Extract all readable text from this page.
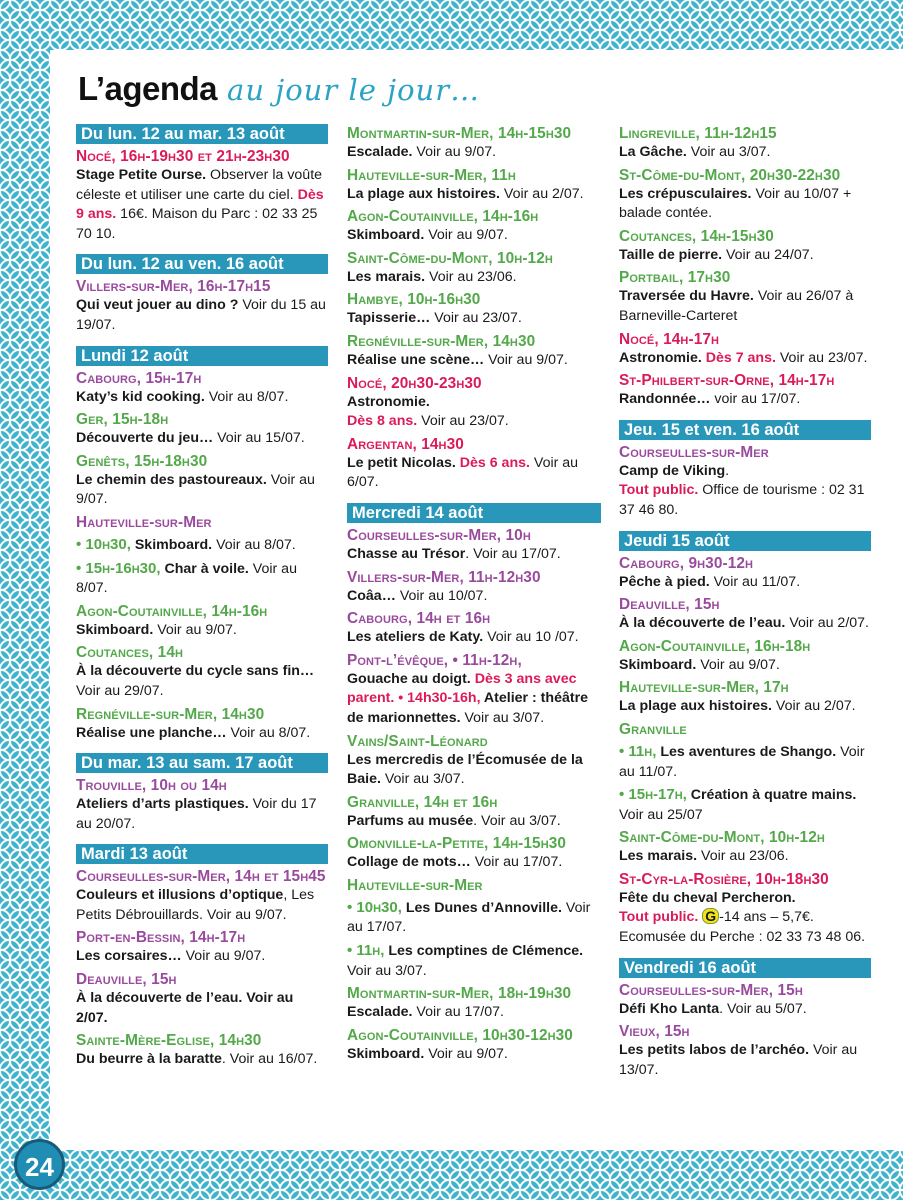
L’agenda au jour le jour…
Du lun. 12 au mar. 13 août
Nocé, 16h-19h30 et 21h-23h30
Stage Petite Ourse. Observer la voûte céleste et utiliser une carte du ciel. Dès 9 ans. 16€. Maison du Parc : 02 33 25 70 10.
Du lun. 12 au ven. 16 août
Villers-sur-Mer, 16h-17h15
Qui veut jouer au dino ? Voir du 15 au 19/07.
Lundi 12 août
Cabourg, 15h-17h
Katy’s kid cooking. Voir au 8/07.
Ger, 15h-18h
Découverte du jeu… Voir au 15/07.
Genêts, 15h-18h30
Le chemin des pastoureaux. Voir au 9/07.
Hauteville-sur-Mer
• 10h30, Skimboard. Voir au 8/07.
• 15h-16h30, Char à voile. Voir au 8/07.
Agon-Coutainville, 14h-16h
Skimboard. Voir au 9/07.
Coutances, 14h
À la découverte du cycle sans fin… Voir au 29/07.
Regnéville-sur-Mer, 14h30
Réalise une planche… Voir au 8/07.
Du mar. 13 au sam. 17 août
Trouville, 10h ou 14h
Ateliers d’arts plastiques. Voir du 17 au 20/07.
Mardi 13 août
Courseulles-sur-Mer, 14h et 15h45
Couleurs et illusions d’optique, Les Petits Débrouillards. Voir au 9/07.
Port-en-Bessin, 14h-17h
Les corsaires… Voir au 9/07.
Deauville, 15h
À la découverte de l’eau. Voir au 2/07.
Sainte-Mère-Eglise, 14h30
Du beurre à la baratte. Voir au 16/07.
Montmartin-sur-Mer, 14h-15h30
Escalade. Voir au 9/07.
Hauteville-sur-Mer, 11h
La plage aux histoires. Voir au 2/07.
Agon-Coutainville, 14h-16h
Skimboard. Voir au 9/07.
Saint-Côme-du-Mont, 10h-12h
Les marais. Voir au 23/06.
Hambye, 10h-16h30
Tapisserie… Voir au 23/07.
Regnéville-sur-Mer, 14h30
Réalise une scène… Voir au 9/07.
Nocé, 20h30-23h30
Astronomie.
Dès 8 ans. Voir au 23/07.
Argentan, 14h30
Le petit Nicolas. Dès 6 ans. Voir au 6/07.
Mercredi 14 août
Courseulles-sur-Mer, 10h
Chasse au Trésor. Voir au 17/07.
Villers-sur-Mer, 11h-12h30
Coâa… Voir au 10/07.
Cabourg, 14h et 16h
Les ateliers de Katy. Voir au 10 /07.
Pont-l’évêque, • 11h-12h,
Gouache au doigt. Dès 3 ans avec parent. • 14h30-16h, Atelier : théâtre de marionnettes. Voir au 3/07.
Vains/Saint-Léonard
Les mercredis de l’Écomusée de la Baie. Voir au 3/07.
Granville, 14h et 16h
Parfums au musée. Voir au 3/07.
Omonville-la-Petite, 14h-15h30
Collage de mots… Voir au 17/07.
Hauteville-sur-Mer
• 10h30, Les Dunes d’Annoville. Voir au 17/07.
• 11h, Les comptines de Clémence. Voir au 3/07.
Montmartin-sur-Mer, 18h-19h30
Escalade. Voir au 17/07.
Agon-Coutainville, 10h30-12h30
Skimboard. Voir au 9/07.
Lingreville, 11h-12h15
La Gâche. Voir au 3/07.
St-Côme-du-Mont, 20h30-22h30
Les crépusculaires. Voir au 10/07 + balade contée.
Coutances, 14h-15h30
Taille de pierre. Voir au 24/07.
Portbail, 17h30
Traversée du Havre. Voir au 26/07 à Barneville-Carteret
Nocé, 14h-17h
Astronomie. Dès 7 ans. Voir au 23/07.
St-Philbert-sur-Orne, 14h-17h
Randonnée… voir au 17/07.
Jeu. 15 et ven. 16 août
Courseulles-sur-Mer
Camp de Viking.
Tout public. Office de tourisme : 02 31 37 46 80.
Jeudi 15 août
Cabourg, 9h30-12h
Pêche à pied. Voir au 11/07.
Deauville, 15h
À la découverte de l’eau. Voir au 2/07.
Agon-Coutainville, 16h-18h
Skimboard. Voir au 9/07.
Hauteville-sur-Mer, 17h
La plage aux histoires. Voir au 2/07.
Granville
• 11h, Les aventures de Shango. Voir au 11/07.
• 15h-17h, Création à quatre mains. Voir au 25/07
Saint-Côme-du-Mont, 10h-12h
Les marais. Voir au 23/06.
St-Cyr-la-Rosière, 10h-18h30
Fête du cheval Percheron.
Tout public. G -14 ans – 5,7€. Ecomusée du Perche : 02 33 73 48 06.
Vendredi 16 août
Courseulles-sur-Mer, 15h
Défi Kho Lanta. Voir au 5/07.
Vieux, 15h
Les petits labos de l’archéo. Voir au 13/07.
24
